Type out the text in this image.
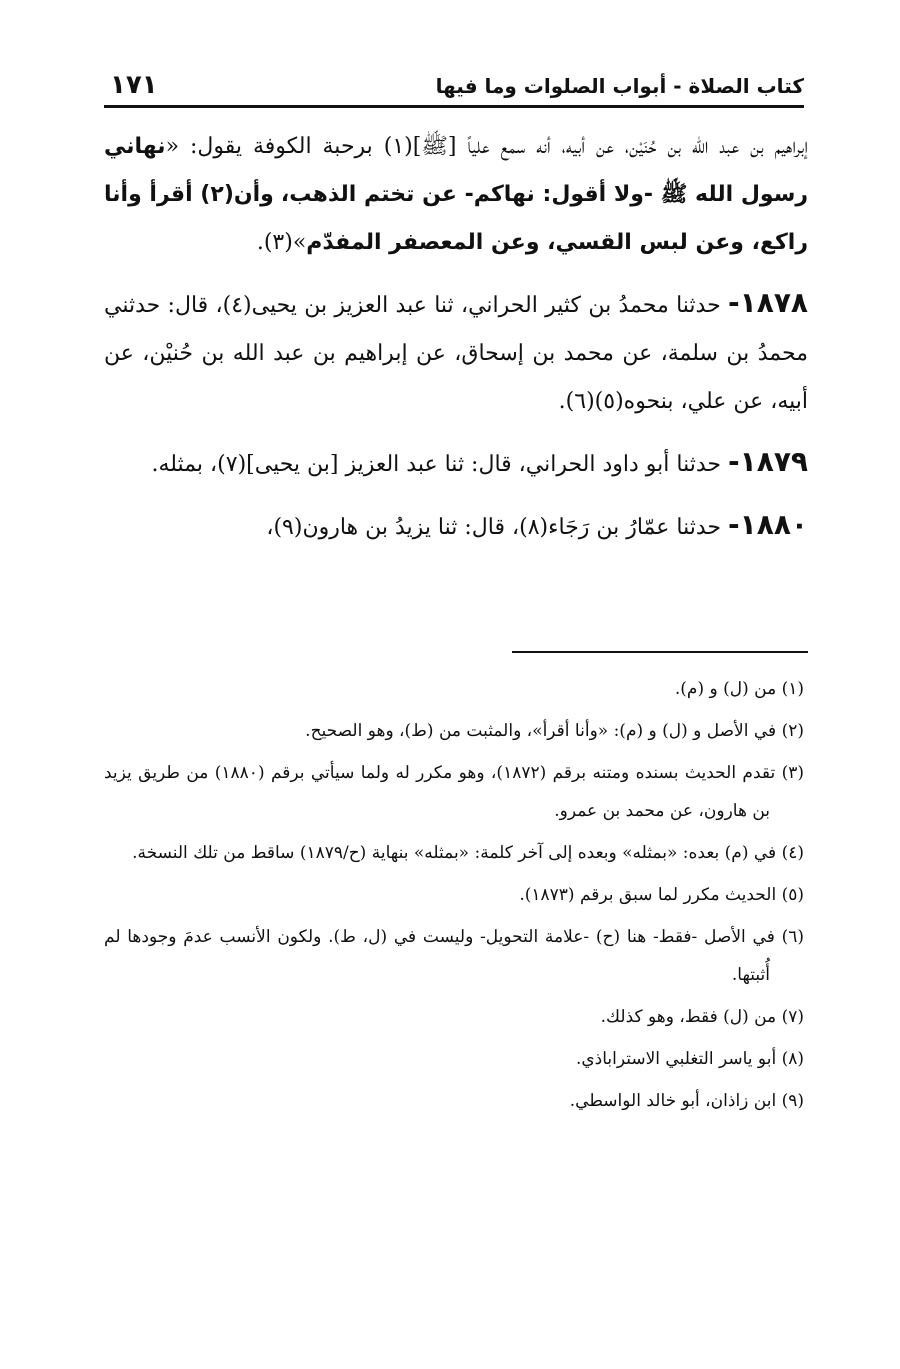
كتاب الصلاة - أبواب الصلوات وما فيها
١٧١

إبراهيم بن عبد الله بن حُنَيْن، عن أبيه، أنه سمع علياً [ﷺ](١) برحبة الكوفة يقول: «نهاني رسول الله ﷺ -ولا أقول: نهاكم- عن تختم الذهب، وأن(٢) أقرأ وأنا راكع، وعن لبس القسي، وعن المعصفر المفدّم»(٣).

١٨٧٨- حدثنا محمدُ بن كثير الحراني، ثنا عبد العزيز بن يحيى(٤)، قال: حدثني محمدُ بن سلمة، عن محمد بن إسحاق، عن إبراهيم بن عبد الله بن حُنيْن، عن أبيه، عن علي، بنحوه(٥)(٦).

١٨٧٩- حدثنا أبو داود الحراني، قال: ثنا عبد العزيز [بن يحيى](٧)، بمثله.

١٨٨٠- حدثنا عمّارُ بن رَجَاء(٨)، قال: ثنا يزيدُ بن هارون(٩)،

(١) من (ل) و (م).

(٢) في الأصل و (ل) و (م): «وأنا أقرأ»، والمثبت من (ط)، وهو الصحيح.

(٣) تقدم الحديث بسنده ومتنه برقم (١٨٧٢)، وهو مكرر له ولما سيأتي برقم (١٨٨٠) من طريق يزيد بن هارون، عن محمد بن عمرو.

(٤) في (م) بعده: «بمثله» وبعده إلى آخر كلمة: «بمثله» بنهاية (ح/١٨٧٩) ساقط من تلك النسخة.

(٥) الحديث مكرر لما سبق برقم (١٨٧٣).

(٦) في الأصل -فقط- هنا (ح) -علامة التحويل- وليست في (ل، ط). ولكون الأنسب عدمَ وجودها لم أُثبتها.

(٧) من (ل) فقط، وهو كذلك.

(٨) أبو ياسر التغلبي الاستراباذي.

(٩) ابن زاذان، أبو خالد الواسطي.
